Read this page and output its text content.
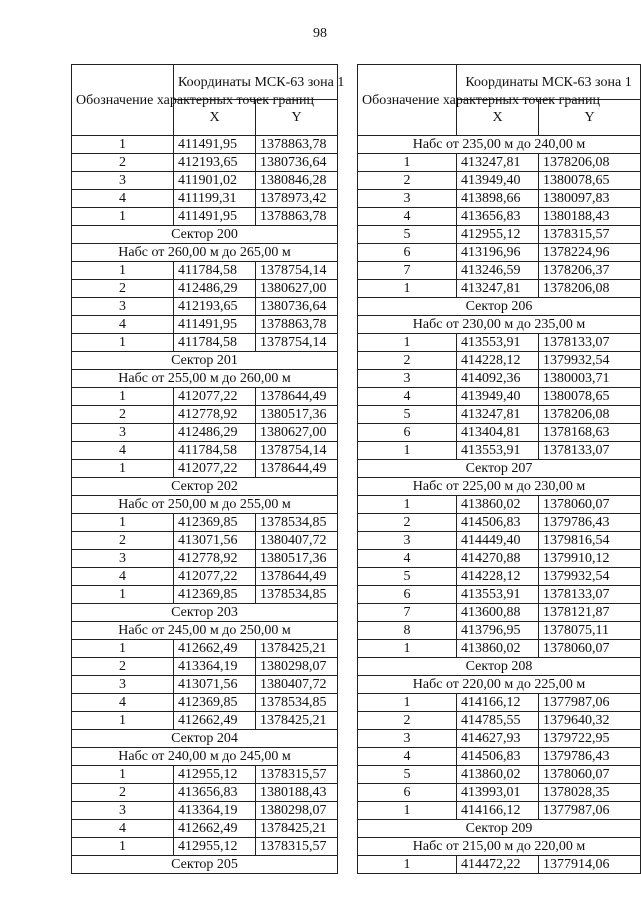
98
Обозначение характерных точек границ	Координаты МСК-63 зона 1	
	X	Y
1	411491,95	1378863,78
2	412193,65	1380736,64
3	411901,02	1380846,28
4	411199,31	1378973,42
1	411491,95	1378863,78
Сектор 200		
Набс от 260,00 м до 265,00 м		
1	411784,58	1378754,14
2	412486,29	1380627,00
3	412193,65	1380736,64
4	411491,95	1378863,78
1	411784,58	1378754,14
Сектор 201		
Набс от 255,00 м до 260,00 м		
1	412077,22	1378644,49
2	412778,92	1380517,36
3	412486,29	1380627,00
4	411784,58	1378754,14
1	412077,22	1378644,49
Сектор 202		
Набс от 250,00 м до 255,00 м		
1	412369,85	1378534,85
2	413071,56	1380407,72
3	412778,92	1380517,36
4	412077,22	1378644,49
1	412369,85	1378534,85
Сектор 203		
Набс от 245,00 м до 250,00 м		
1	412662,49	1378425,21
2	413364,19	1380298,07
3	413071,56	1380407,72
4	412369,85	1378534,85
1	412662,49	1378425,21
Сектор 204		
Набс от 240,00 м до 245,00 м		
1	412955,12	1378315,57
2	413656,83	1380188,43
3	413364,19	1380298,07
4	412662,49	1378425,21
1	412955,12	1378315,57
Сектор 205		
Обозначение характерных точек границ	Координаты МСК-63 зона 1	
	X	Y
Набс от 235,00 м до 240,00 м		
1	413247,81	1378206,08
2	413949,40	1380078,65
3	413898,66	1380097,83
4	413656,83	1380188,43
5	412955,12	1378315,57
6	413196,96	1378224,96
7	413246,59	1378206,37
1	413247,81	1378206,08
Сектор 206		
Набс от 230,00 м до 235,00 м		
1	413553,91	1378133,07
2	414228,12	1379932,54
3	414092,36	1380003,71
4	413949,40	1380078,65
5	413247,81	1378206,08
6	413404,81	1378168,63
1	413553,91	1378133,07
Сектор 207		
Набс от 225,00 м до 230,00 м		
1	413860,02	1378060,07
2	414506,83	1379786,43
3	414449,40	1379816,54
4	414270,88	1379910,12
5	414228,12	1379932,54
6	413553,91	1378133,07
7	413600,88	1378121,87
8	413796,95	1378075,11
1	413860,02	1378060,07
Сектор 208		
Набс от 220,00 м до 225,00 м		
1	414166,12	1377987,06
2	414785,55	1379640,32
3	414627,93	1379722,95
4	414506,83	1379786,43
5	413860,02	1378060,07
6	413993,01	1378028,35
1	414166,12	1377987,06
Сектор 209		
Набс от 215,00 м до 220,00 м		
1	414472,22	1377914,06
